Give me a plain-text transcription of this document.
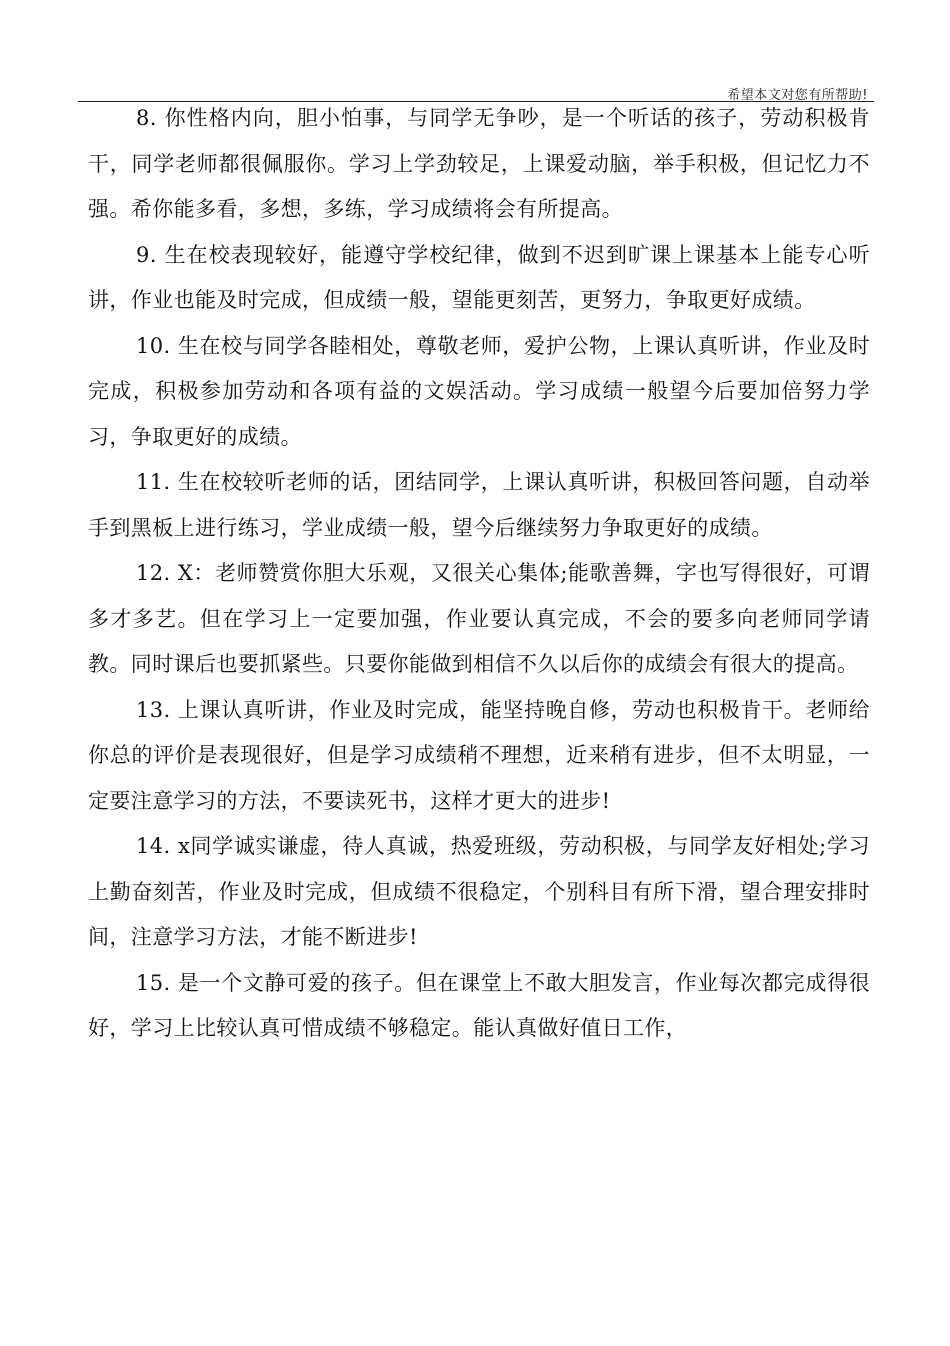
希望本文对您有所帮助!

8. 你性格内向，胆小怕事，与同学无争吵，是一个听话的孩子，劳动积极肯干，同学老师都很佩服你。学习上学劲较足，上课爱动脑，举手积极，但记忆力不强。希你能多看，多想，多练，学习成绩将会有所提高。

9. 生在校表现较好，能遵守学校纪律，做到不迟到旷课上课基本上能专心听讲，作业也能及时完成，但成绩一般，望能更刻苦，更努力，争取更好成绩。

10. 生在校与同学各睦相处，尊敬老师，爱护公物，上课认真听讲，作业及时完成，积极参加劳动和各项有益的文娱活动。学习成绩一般望今后要加倍努力学习，争取更好的成绩。

11. 生在校较听老师的话，团结同学，上课认真听讲，积极回答问题，自动举手到黑板上进行练习，学业成绩一般，望今后继续努力争取更好的成绩。

12. X：老师赞赏你胆大乐观，又很关心集体;能歌善舞，字也写得很好，可谓多才多艺。但在学习上一定要加强，作业要认真完成，不会的要多向老师同学请教。同时课后也要抓紧些。只要你能做到相信不久以后你的成绩会有很大的提高。

13. 上课认真听讲，作业及时完成，能坚持晚自修，劳动也积极肯干。老师给你总的评价是表现很好，但是学习成绩稍不理想，近来稍有进步，但不太明显，一定要注意学习的方法，不要读死书，这样才更大的进步!

14. x同学诚实谦虚，待人真诚，热爱班级，劳动积极，与同学友好相处;学习上勤奋刻苦，作业及时完成，但成绩不很稳定，个别科目有所下滑，望合理安排时间，注意学习方法，才能不断进步!

15. 是一个文静可爱的孩子。但在课堂上不敢大胆发言，作业每次都完成得很好，学习上比较认真可惜成绩不够稳定。能认真做好值日工作，
